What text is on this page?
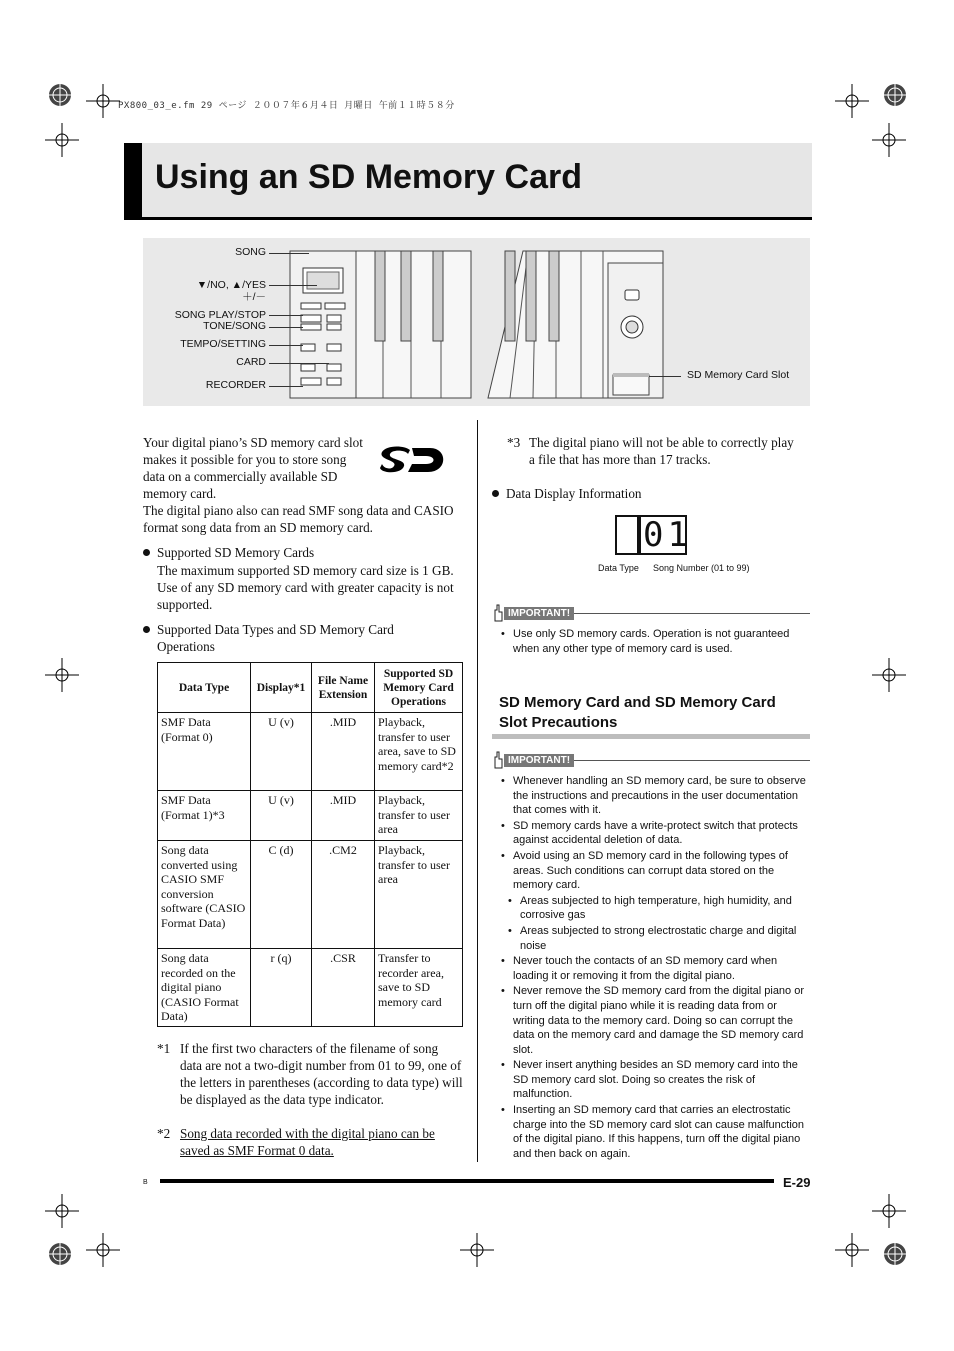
PX800_03_e.fm 29 ページ ２００７年６月４日 月曜日 午前１１時５８分
Using an SD Memory Card
SONG
▼/NO, ▲/YES
＋/－
SONG PLAY/STOP
TONE/SONG
TEMPO/SETTING
CARD
RECORDER
SD Memory Card Slot
Your digital piano’s SD memory card slot makes it possible for you to store song data on a commercially available SD memory card.
The digital piano also can read SMF song data and CASIO format song data from an SD memory card.
Supported SD Memory Cards
The maximum supported SD memory card size is 1 GB. Use of any SD memory card with greater capacity is not supported.
Supported Data Types and SD Memory Card Operations
Data Type	Display*1	File Name Extension	Supported SD Memory Card Operations
SMF Data (Format 0)	U (v)	.MID	Playback, transfer to user area, save to SD memory card*2
SMF Data (Format 1)*3	U (v)	.MID	Playback, transfer to user area
Song data converted using CASIO SMF conversion software (CASIO Format Data)	C (d)	.CM2	Playback, transfer to user area
Song data recorded on the digital piano (CASIO Format Data)	r (q)	.CSR	Transfer to recorder area, save to SD memory card
*1 If the first two characters of the filename of song data are not a two-digit number from 01 to 99, one of the letters in parentheses (according to data type) will be displayed as the data type indicator.
*2 Song data recorded with the digital piano can be saved as SMF Format 0 data.
*3 The digital piano will not be able to correctly play a file that has more than 17 tracks.
Data Display Information
01
Data Type Song Number (01 to 99)
IMPORTANT!
• Use only SD memory cards. Operation is not guaranteed when any other type of memory card is used.
SD Memory Card and SD Memory Card Slot Precautions
IMPORTANT!
• Whenever handling an SD memory card, be sure to observe the instructions and precautions in the user documentation that comes with it.
• SD memory cards have a write-protect switch that protects against accidental deletion of data.
• Avoid using an SD memory card in the following types of areas. Such conditions can corrupt data stored on the memory card.
• Areas subjected to high temperature, high humidity, and corrosive gas
• Areas subjected to strong electrostatic charge and digital noise
• Never touch the contacts of an SD memory card when loading it or removing it from the digital piano.
• Never remove the SD memory card from the digital piano or turn off the digital piano while it is reading data from or writing data to the memory card. Doing so can corrupt the data on the memory card and damage the SD memory card slot.
• Never insert anything besides an SD memory card into the SD memory card slot. Doing so creates the risk of malfunction.
• Inserting an SD memory card that carries an electrostatic charge into the SD memory card slot can cause malfunction of the digital piano. If this happens, turn off the digital piano and then back on again.
B	E-29
